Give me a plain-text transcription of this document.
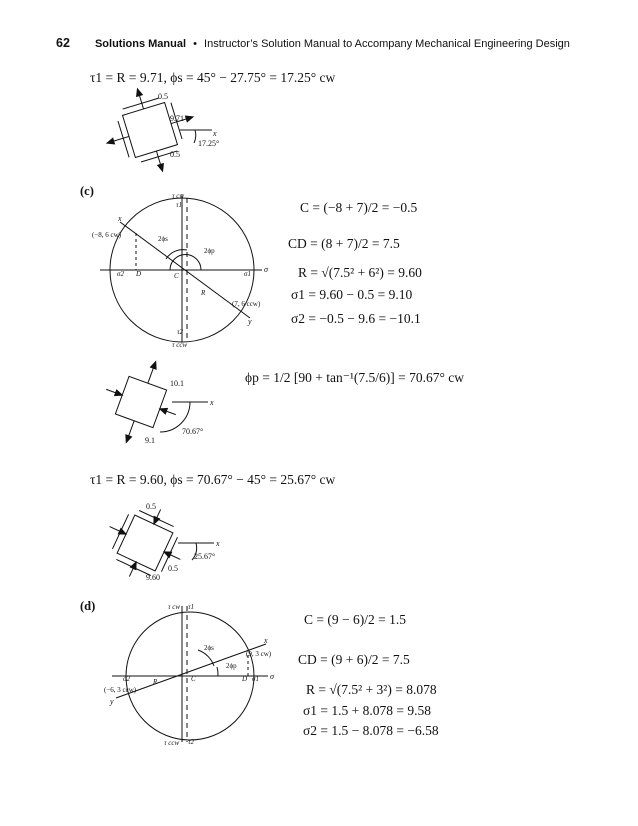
62 Solutions Manual • Instructor’s Solution Manual to Accompany Mechanical Engineering Design
τ1 = R = 9.71, ϕs = 45° − 27.75° = 17.25° cw
0.5
9.71
x
17.25°
0.5
(c)	τ cw
τ1
x
(−8, 6 cw)	2ϕs
2ϕp
σ2 D	C	σ1 σ
R
(7, 6 ccw)
y
τ2
τ ccw
C = (−8 + 7)/2 = −0.5
CD = (8 + 7)/2 = 7.5
R = √(7.5² + 6²) = 9.60
σ1 = 9.60 − 0.5 = 9.10
σ2 = −0.5 − 9.6 = −10.1
ϕp = 1/2 [90 + tan⁻¹(7.5/6)] = 70.67° cw
10.1
x
9.1
70.67°
τ1 = R = 9.60, ϕs = 70.67° − 45° = 25.67° cw
0.5
x
25.67°
0.5
9.60
(d)	τ cw τ1
2ϕs
x
(9, 3 cw)
2ϕp
σ2	R	C	D σ1 σ
(−6, 3 ccw)
y
τ ccw τ2
C = (9 − 6)/2 = 1.5
CD = (9 + 6)/2 = 7.5
R = √(7.5² + 3²) = 8.078
σ1 = 1.5 + 8.078 = 9.58
σ2 = 1.5 − 8.078 = −6.58
